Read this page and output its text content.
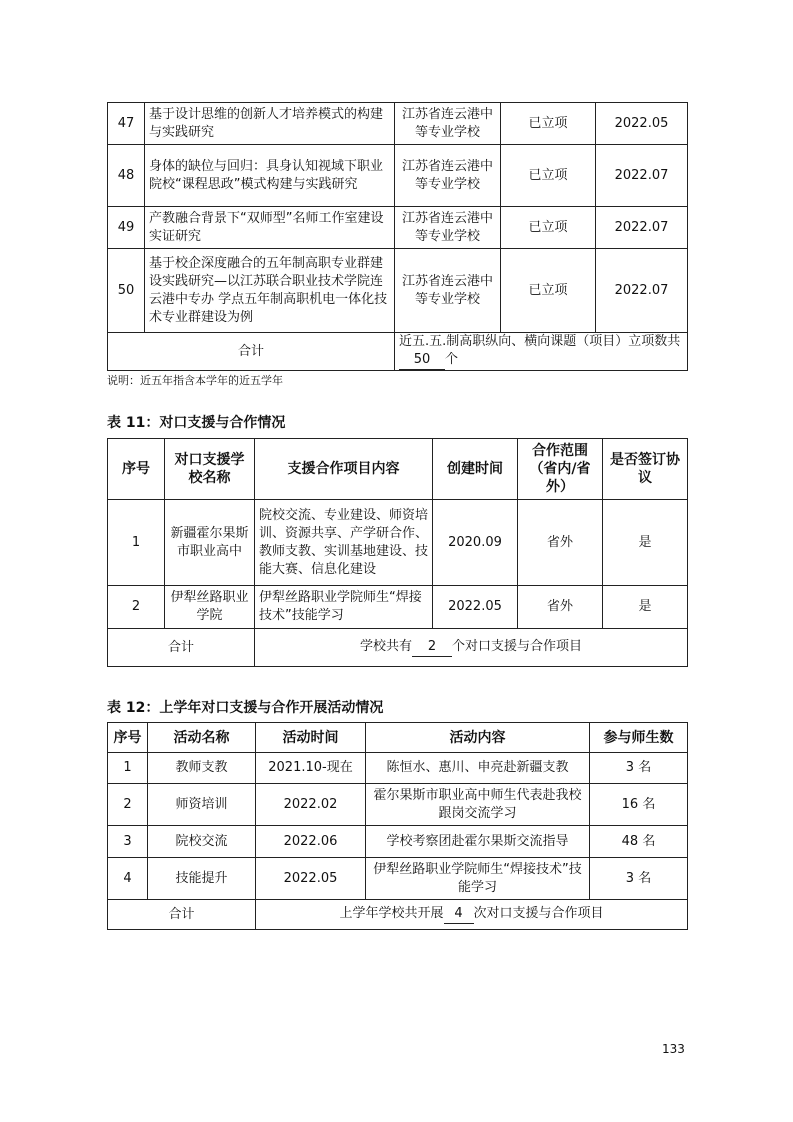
47	基于设计思维的创新人才培养模式的构建与实践研究	江苏省连云港中等专业学校	已立项	2022.05
48	身体的缺位与回归：具身认知视域下职业院校“课程思政”模式构建与实践研究	江苏省连云港中等专业学校	已立项	2022.07
49	产教融合背景下“双师型”名师工作室建设实证研究	江苏省连云港中等专业学校	已立项	2022.07
50	基于校企深度融合的五年制高职专业群建设实践研究—以江苏联合职业技术学院连云港中专办 学点五年制高职机电一体化技术专业群建设为例	江苏省连云港中等专业学校	已立项	2022.07
合计		近五.五.制高职纵向、横向课题（项目）立项数共50 个		
说明：近五年指含本学年的近五学年
表 11：对口支援与合作情况
序号	对口支援学校名称	支援合作项目内容	创建时间	合作范围（省内/省外）	是否签订协议
1	新疆霍尔果斯市职业高中	院校交流、专业建设、师资培训、资源共享、产学研合作、教师支教、实训基地建设、技能大赛、信息化建设	2020.09	省外	是
2	伊犁丝路职业学院	伊犁丝路职业学院师生“焊接技术”技能学习	2022.05	省外	是
合计		学校共有 2 个对口支援与合作项目			
表 12：上学年对口支援与合作开展活动情况
序号	活动名称	活动时间	活动内容	参与师生数
1	教师支教	2021.10-现在	陈恒水、惠川、申亮赴新疆支教	3 名
2	师资培训	2022.02	霍尔果斯市职业高中师生代表赴我校跟岗交流学习	16 名
3	院校交流	2022.06	学校考察团赴霍尔果斯交流指导	48 名
4	技能提升	2022.05	伊犁丝路职业学院师生“焊接技术”技能学习	3 名
合计		上学年学校共开展 4 次对口支援与合作项目		
133
